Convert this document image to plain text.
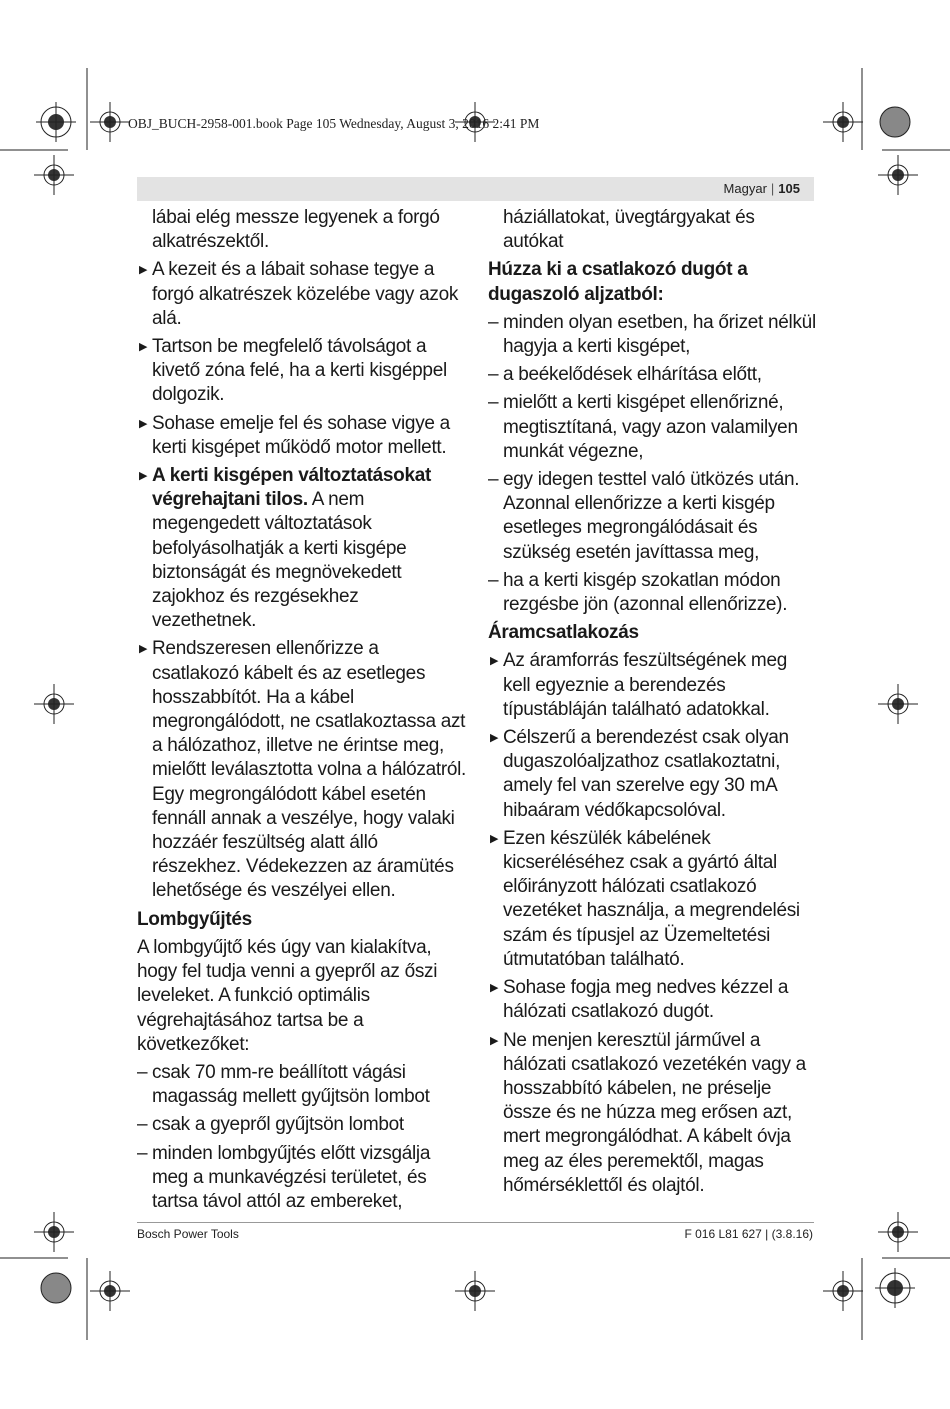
OBJ_BUCH-2958-001.book Page 105 Wednesday, August 3, 2016 2:41 PM
Magyar | 105
lábai elég messze legyenek a forgó alkatrészektől.
▶ A kezeit és a lábait sohase tegye a forgó alkatrészek közelébe vagy azok alá.
▶ Tartson be megfelelő távolságot a kivető zóna felé, ha a kerti kisgéppel dolgozik.
▶ Sohase emelje fel és sohase vigye a kerti kisgépet működő motor mellett.
▶ A kerti kisgépen változtatásokat végrehajtani tilos. A nem megengedett változtatások befolyásolhatják a kerti kisgépe biztonságát és megnövekedett zajokhoz és rezgésekhez vezethetnek.
▶ Rendszeresen ellenőrizze a csatlakozó kábelt és az esetleges hosszabbítót. Ha a kábel megrongálódott, ne csatlakoztassa azt a hálózathoz, illetve ne érintse meg, mielőtt leválasztotta volna a hálózatról. Egy megrongálódott kábel esetén fennáll annak a veszélye, hogy valaki hozzáér feszültség alatt álló részekhez. Védekezzen az áramütés lehetősége és veszélyei ellen.
Lombgyűjtés
A lombgyűjtő kés úgy van kialakítva, hogy fel tudja venni a gyepről az őszi leveleket. A funkció optimális végrehajtásához tartsa be a következőket:
– csak 70 mm-re beállított vágási magasság mellett gyűjtsön lombot
– csak a gyepről gyűjtsön lombot
– minden lombgyűjtés előtt vizsgálja meg a munkavégzési területet, és tartsa távol attól az embereket,
háziállatokat, üvegtárgyakat és autókat
Húzza ki a csatlakozó dugót a dugaszoló aljzatból:
– minden olyan esetben, ha őrizet nélkül hagyja a kerti kisgépet,
– a beékelődések elhárítása előtt,
– mielőtt a kerti kisgépet ellenőrizné, megtisztítaná, vagy azon valamilyen munkát végezne,
– egy idegen testtel való ütközés után. Azonnal ellenőrizze a kerti kisgép esetleges megrongálódásait és szükség esetén javíttassa meg,
– ha a kerti kisgép szokatlan módon rezgésbe jön (azonnal ellenőrizze).
Áramcsatlakozás
▶ Az áramforrás feszültségének meg kell egyeznie a berendezés típustábláján található adatokkal.
▶ Célszerű a berendezést csak olyan dugaszolóaljzathoz csatlakoztatni, amely fel van szerelve egy 30 mA hibaáram védőkapcsolóval.
▶ Ezen készülék kábelének kicseréléséhez csak a gyártó által előirányzott hálózati csatlakozó vezetéket használja, a megrendelési szám és típusjel az Üzemeltetési útmutatóban található.
▶ Sohase fogja meg nedves kézzel a hálózati csatlakozó dugót.
▶ Ne menjen keresztül járművel a hálózati csatlakozó vezetékén vagy a hosszabbító kábelen, ne préselje össze és ne húzza meg erősen azt, mert megrongálódhat. A kábelt óvja meg az éles peremektől, magas hőmérséklettől és olajtól.
Bosch Power Tools	F 016 L81 627 | (3.8.16)
